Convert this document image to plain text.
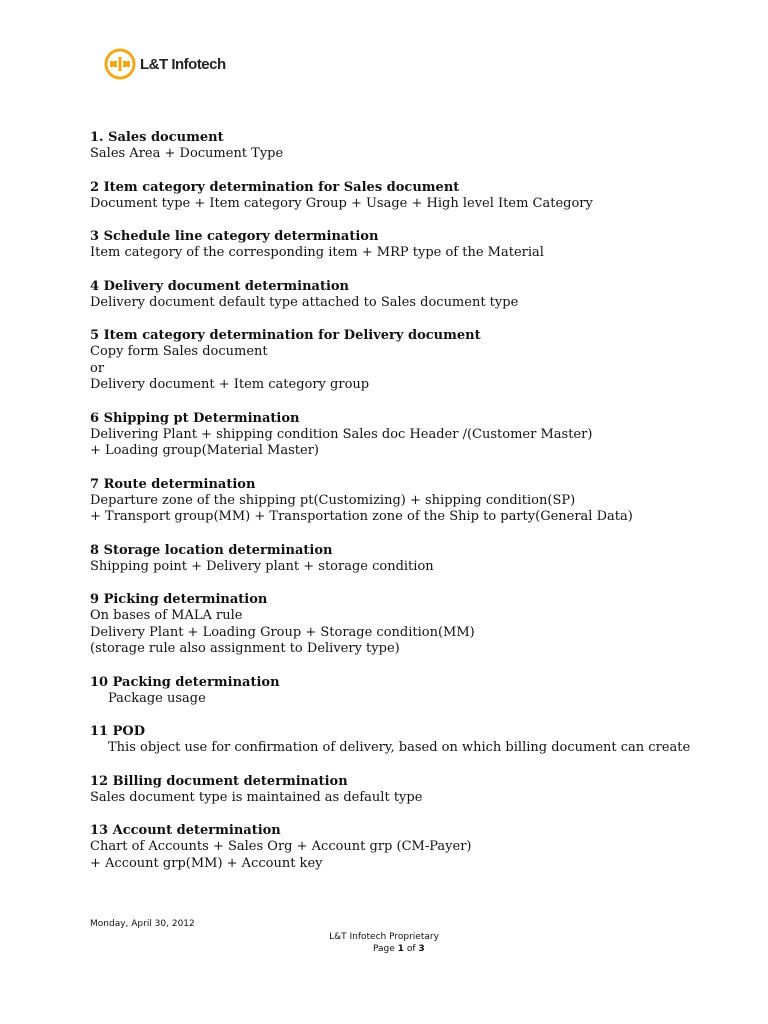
L&T Infotech
1. Sales document
Sales Area + Document Type
2 Item category determination for Sales document
Document type + Item category Group + Usage + High level Item Category
3 Schedule line category determination
Item category of the corresponding item + MRP type of the Material
4 Delivery document determination
Delivery document default type attached to Sales document type
5 Item category determination for Delivery document
Copy form Sales document
or
Delivery document + Item category group
6 Shipping pt Determination
Delivering Plant + shipping condition Sales doc Header /(Customer Master)
+ Loading group(Material Master)
7 Route determination
Departure zone of the shipping pt(Customizing) + shipping condition(SP)
+ Transport group(MM) + Transportation zone of the Ship to party(General Data)
8 Storage location determination
Shipping point + Delivery plant + storage condition
9 Picking determination
On bases of MALA rule
Delivery Plant + Loading Group + Storage condition(MM)
(storage rule also assignment to Delivery type)
10 Packing determination
Package usage
11 POD
This object use for confirmation of delivery, based on which billing document can create
12 Billing document determination
Sales document type is maintained as default type
13 Account determination
Chart of Accounts + Sales Org + Account grp (CM-Payer)
+ Account grp(MM) + Account key
Monday, April 30, 2012
L&T Infotech Proprietary
Page 1 of 3
